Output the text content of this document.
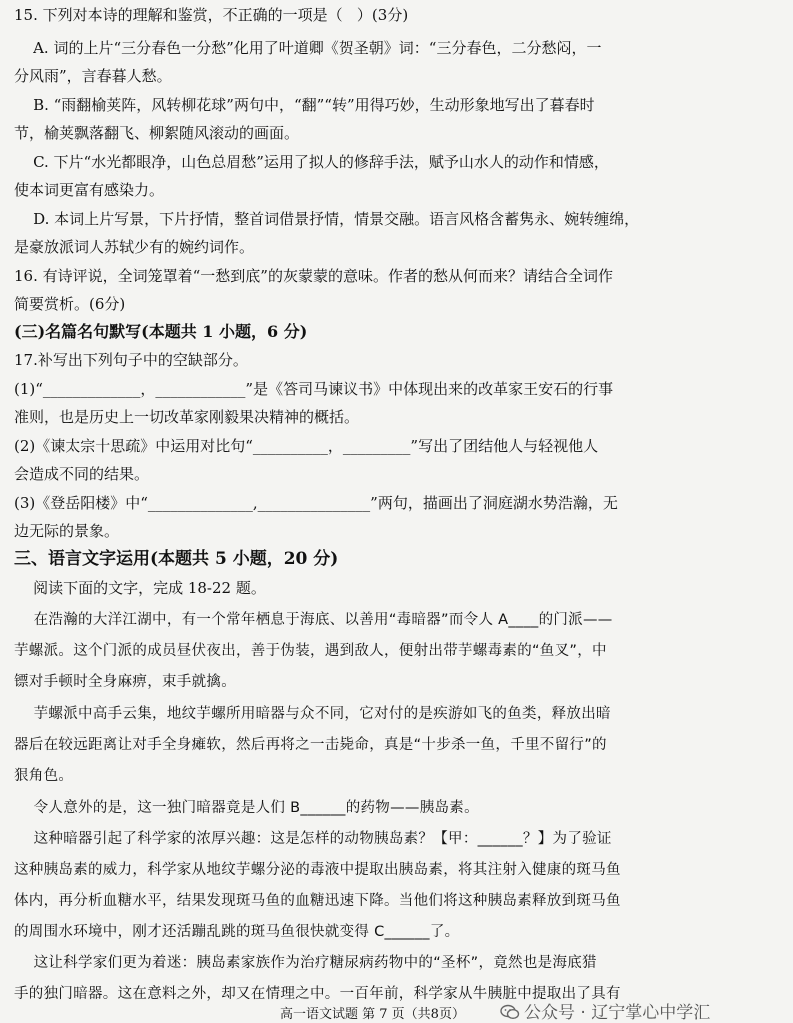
15. 下列对本诗的理解和鉴赏，不正确的一项是（   ）(3分)
A. 词的上片“三分春色一分愁”化用了叶道卿《贺圣朝》词：“三分春色，二分愁闷，一
分风雨”，言春暮人愁。
B. “雨翻榆荚阵，风转柳花球”两句中，“翻”“转”用得巧妙，生动形象地写出了暮春时
节，榆荚飘落翻飞、柳絮随风滚动的画面。
C. 下片“水光都眼净，山色总眉愁”运用了拟人的修辞手法，赋予山水人的动作和情感，
使本词更富有感染力。
D. 本词上片写景，下片抒情，整首词借景抒情，情景交融。语言风格含蓄隽永、婉转缠绵，
是豪放派词人苏轼少有的婉约词作。
16. 有诗评说，全词笼罩着“一愁到底”的灰蒙蒙的意味。作者的愁从何而来？请结合全词作
简要赏析。(6分)
(三)名篇名句默写(本题共 1 小题，6 分)
17.补写出下列句子中的空缺部分。
(1)“_____________，____________”是《答司马谏议书》中体现出来的改革家王安石的行事
准则，也是历史上一切改革家刚毅果决精神的概括。
(2)《谏太宗十思疏》中运用对比句“__________，_________”写出了团结他人与轻视他人
会造成不同的结果。
(3)《登岳阳楼》中“______________,_______________”两句，描画出了洞庭湖水势浩瀚，无
边无际的景象。
三、语言文字运用(本题共 5 小题，20 分)
阅读下面的文字，完成 18-22 题。
在浩瀚的大洋江湖中，有一个常年栖息于海底、以善用“毒暗器”而令人 A____的门派——
芋螺派。这个门派的成员昼伏夜出，善于伪装，遇到敌人，便射出带芋螺毒素的“鱼叉”，中
镖对手顿时全身麻痹，束手就擒。
芋螺派中高手云集，地纹芋螺所用暗器与众不同，它对付的是疾游如飞的鱼类，释放出暗
器后在较远距离让对手全身瘫软，然后再将之一击毙命，真是“十步杀一鱼，千里不留行”的
狠角色。
令人意外的是，这一独门暗器竟是人们 B______的药物——胰岛素。
这种暗器引起了科学家的浓厚兴趣：这是怎样的动物胰岛素？【甲：______？】为了验证
这种胰岛素的威力，科学家从地纹芋螺分泌的毒液中提取出胰岛素，将其注射入健康的斑马鱼
体内，再分析血糖水平，结果发现斑马鱼的血糖迅速下降。当他们将这种胰岛素释放到斑马鱼
的周围水环境中，刚才还活蹦乱跳的斑马鱼很快就变得 C______了。
这让科学家们更为着迷：胰岛素家族作为治疗糖尿病药物中的“圣杯”，竟然也是海底猎
手的独门暗器。这在意料之外，却又在情理之中。一百年前，科学家从牛胰脏中提取出了具有
高一语文试题 第 7 页（共8页）	公众号 · 辽宁掌心中学汇
